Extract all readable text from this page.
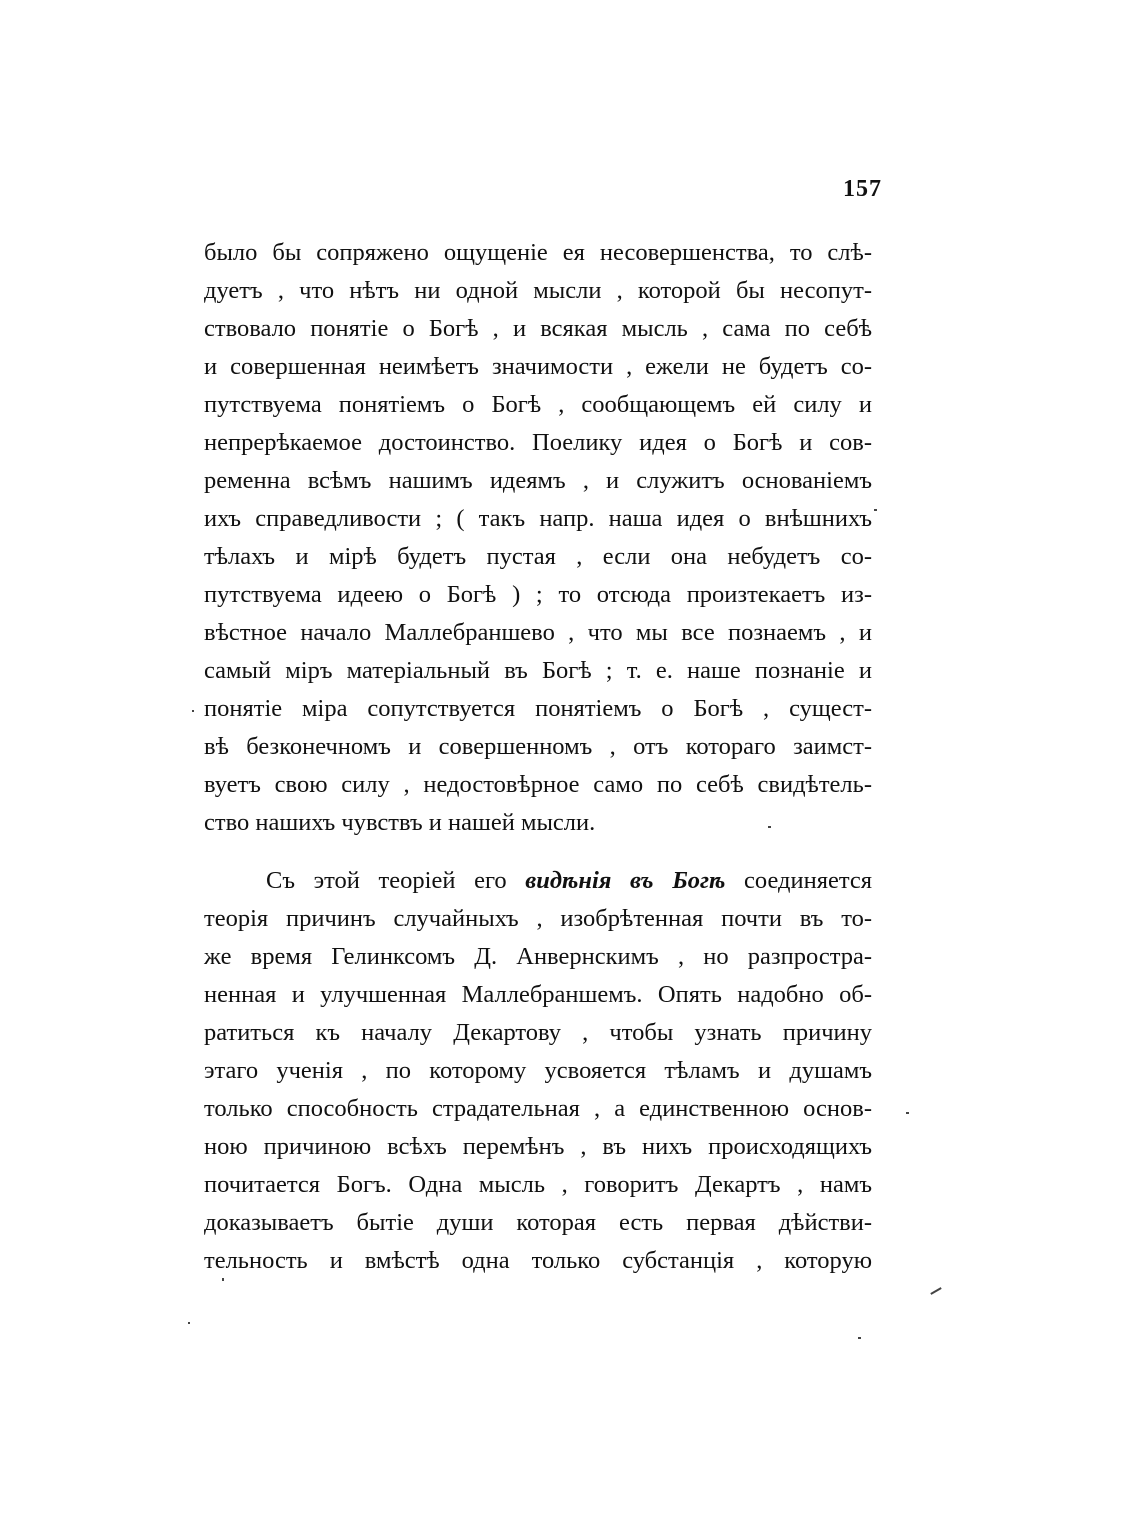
157
было бы сопряжено ощущеніе ея несовершенства, то слѣ-
дуетъ , что нѣтъ ни одной мысли , которой бы несопут-
ствовало понятіе о Богѣ , и всякая мысль , сама по себѣ
и совершенная неимѣетъ значимости , ежели не будетъ со-
путствуема понятіемъ о Богѣ , сообщающемъ ей силу и
непрерѣкаемое достоинство. Поелику идея о Богѣ и сов-
ременна всѣмъ нашимъ идеямъ , и служитъ основаніемъ
ихъ справедливости ; ( такъ напр. наша идея о внѣшнихъ
тѣлахъ и мірѣ будетъ пустая , если она небудетъ со-
путствуема идеею о Богѣ ) ; то отсюда произтекаетъ из-
вѣстное начало Маллебраншево , что мы все познаемъ , и
самый міръ матеріальный въ Богѣ ; т. е. наше познаніе и
понятіе міра сопутствуется понятіемъ о Богѣ , сущест-
вѣ безконечномъ и совершенномъ , отъ котораго заимст-
вуетъ свою силу , недостовѣрное само по себѣ свидѣтель-
ство нашихъ чувствъ и нашей мысли.
Съ этой теоріей его видѣнія въ Богѣ соединяется
теорія причинъ случайныхъ , изобрѣтенная почти въ то-
же время Гелинксомъ Д. Анвернскимъ , но разпростра-
ненная и улучшенная Маллебраншемъ. Опять надобно об-
ратиться къ началу Декартову , чтобы узнать причину
этаго ученія , по которому усвояется тѣламъ и душамъ
только способность страдательная , а единственною основ-
ною причиною всѣхъ перемѣнъ , въ нихъ происходящихъ
почитается Богъ. Одна мысль , говоритъ Декартъ , намъ
доказываетъ бытіе души которая есть первая дѣйстви-
тельность и вмѣстѣ одна только субстанція , которую
